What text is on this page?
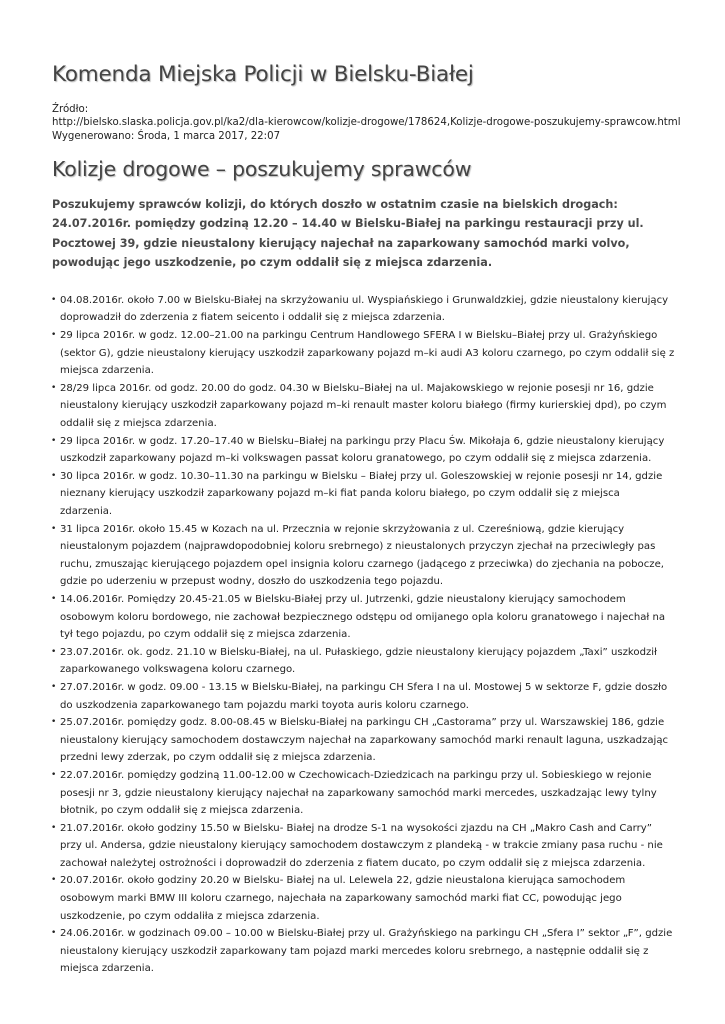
Komenda Miejska Policji w Bielsku-Białej
Źródło:
http://bielsko.slaska.policja.gov.pl/ka2/dla-kierowcow/kolizje-drogowe/178624,Kolizje-drogowe-poszukujemy-sprawcow.html
Wygenerowano: Środa, 1 marca 2017, 22:07
Kolizje drogowe – poszukujemy sprawców

Poszukujemy sprawców kolizji, do których doszło w ostatnim czasie na bielskich drogach: 24.07.2016r. pomiędzy godziną 12.20 – 14.40 w Bielsku-Białej na parkingu restauracji przy ul. Pocztowej 39, gdzie nieustalony kierujący najechał na zaparkowany samochód marki volvo, powodując jego uszkodzenie, po czym oddalił się z miejsca zdarzenia.

• 04.08.2016r. około 7.00 w Bielsku-Białej na skrzyżowaniu ul. Wyspiańskiego i Grunwaldzkiej, gdzie nieustalony kierujący doprowadził do zderzenia z fiatem seicento i oddalił się z miejsca zdarzenia.
• 29 lipca 2016r. w godz. 12.00–21.00 na parkingu Centrum Handlowego SFERA I w Bielsku–Białej przy ul. Grażyńskiego (sektor G), gdzie nieustalony kierujący uszkodził zaparkowany pojazd m–ki audi A3 koloru czarnego, po czym oddalił się z miejsca zdarzenia.
• 28/29 lipca 2016r. od godz. 20.00 do godz. 04.30 w Bielsku–Białej na ul. Majakowskiego w rejonie posesji nr 16, gdzie nieustalony kierujący uszkodził zaparkowany pojazd m–ki renault master koloru białego (firmy kurierskiej dpd), po czym oddalił się z miejsca zdarzenia.
• 29 lipca 2016r. w godz. 17.20–17.40 w Bielsku–Białej na parkingu przy Placu Św. Mikołaja 6, gdzie nieustalony kierujący uszkodził zaparkowany pojazd m–ki volkswagen passat koloru granatowego, po czym oddalił się z miejsca zdarzenia.
• 30 lipca 2016r. w godz. 10.30–11.30 na parkingu w Bielsku – Białej przy ul. Goleszowskiej w rejonie posesji nr 14, gdzie nieznany kierujący uszkodził zaparkowany pojazd m–ki fiat panda koloru białego, po czym oddalił się z miejsca zdarzenia.
• 31 lipca 2016r. około 15.45 w Kozach na ul. Przecznia w rejonie skrzyżowania z ul. Czereśniową, gdzie kierujący nieustalonym pojazdem (najprawdopodobniej koloru srebrnego) z nieustalonych przyczyn zjechał na przeciwległy pas ruchu, zmuszając kierującego pojazdem opel insignia koloru czarnego (jadącego z przeciwka) do zjechania na pobocze, gdzie po uderzeniu w przepust wodny, doszło do uszkodzenia tego pojazdu.
• 14.06.2016r. Pomiędzy 20.45-21.05 w Bielsku-Białej przy ul. Jutrzenki, gdzie nieustalony kierujący samochodem osobowym koloru bordowego, nie zachował bezpiecznego odstępu od omijanego opla koloru granatowego i najechał na tył tego pojazdu, po czym oddalił się z miejsca zdarzenia.
• 23.07.2016r. ok. godz. 21.10 w Bielsku-Białej, na ul. Pułaskiego, gdzie nieustalony kierujący pojazdem „Taxi” uszkodził zaparkowanego volkswagena koloru czarnego.
• 27.07.2016r. w godz. 09.00 - 13.15 w Bielsku-Białej, na parkingu CH Sfera I na ul. Mostowej 5 w sektorze F, gdzie doszło do uszkodzenia zaparkowanego tam pojazdu marki toyota auris koloru czarnego.
• 25.07.2016r. pomiędzy godz. 8.00-08.45 w Bielsku-Białej na parkingu CH „Castorama” przy ul. Warszawskiej 186, gdzie nieustalony kierujący samochodem dostawczym najechał na zaparkowany samochód marki renault laguna, uszkadzając przedni lewy zderzak, po czym oddalił się z miejsca zdarzenia.
• 22.07.2016r. pomiędzy godziną 11.00-12.00 w Czechowicach-Dziedzicach na parkingu przy ul. Sobieskiego w rejonie posesji nr 3, gdzie nieustalony kierujący najechał na zaparkowany samochód marki mercedes, uszkadzając lewy tylny błotnik, po czym oddalił się z miejsca zdarzenia.
• 21.07.2016r. około godziny 15.50 w Bielsku- Białej na drodze S-1 na wysokości zjazdu na CH „Makro Cash and Carry” przy ul. Andersa, gdzie nieustalony kierujący samochodem dostawczym z plandeką - w trakcie zmiany pasa ruchu - nie zachował należytej ostrożności i doprowadził do zderzenia z fiatem ducato, po czym oddalił się z miejsca zdarzenia.
• 20.07.2016r. około godziny 20.20 w Bielsku- Białej na ul. Lelewela 22, gdzie nieustalona kierująca samochodem osobowym marki BMW III koloru czarnego, najechała na zaparkowany samochód marki fiat CC, powodując jego uszkodzenie, po czym oddaliła z miejsca zdarzenia.
• 24.06.2016r. w godzinach 09.00 – 10.00 w Bielsku-Białej przy ul. Grażyńskiego na parkingu CH „Sfera I” sektor „F”, gdzie nieustalony kierujący uszkodził zaparkowany tam pojazd marki mercedes koloru srebrnego, a następnie oddalił się z miejsca zdarzenia.
